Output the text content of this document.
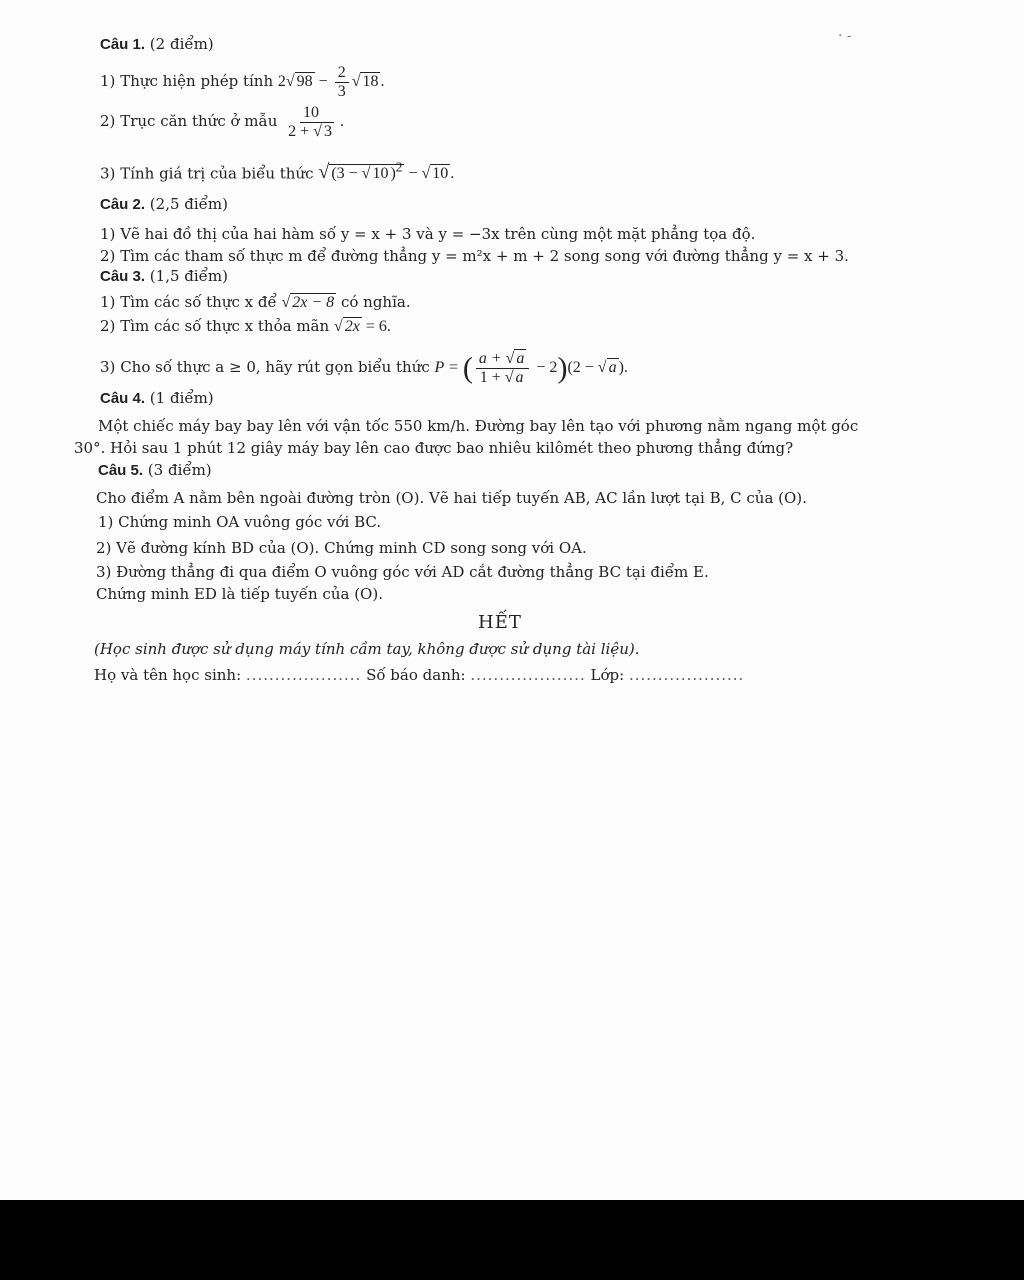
· -
Câu 1. (2 điểm)
1) Thực hiện phép tính 2√ $98 - \frac{2}{3}$ √ 18 .
2) Trục căn thức ở mẫu $\frac{10}{2 + √ 3}$ .
3) Tính giá trị của biểu thức √ (3 − √ 10 )$^2$ − √ 10 .
Câu 2. (2,5 điểm)
1) Vẽ hai đồ thị của hai hàm số y = x + 3 và y = −3x trên cùng một mặt phẳng tọa độ.
2) Tìm các tham số thực m để đường thẳng y = m²x + m + 2 song song với đường thẳng y = x + 3.
Câu 3. (1,5 điểm)
1) Tìm các số thực x để √ 2x − 8 có nghĩa.
2) Tìm các số thực x thỏa mãn √ 2x = 6.
3) Cho số thực a ≥ 0, hãy rút gọn biểu thức P = ( $\frac{a + √ a}{1 + √ a} - 2)(2$ − √ a ).
Câu 4. (1 điểm)
Một chiếc máy bay bay lên với vận tốc 550 km/h. Đường bay lên tạo với phương nằm ngang một góc
30°. Hỏi sau 1 phút 12 giây máy bay lên cao được bao nhiêu kilômét theo phương thẳng đứng?
Câu 5. (3 điểm)
Cho điểm A nằm bên ngoài đường tròn (O). Vẽ hai tiếp tuyến AB, AC lần lượt tại B, C của (O).
1) Chứng minh OA vuông góc với BC.
2) Vẽ đường kính BD của (O). Chứng minh CD song song với OA.
3) Đường thẳng đi qua điểm O vuông góc với AD cắt đường thẳng BC tại điểm E.
Chứng minh ED là tiếp tuyến của (O).
HẾT
(Học sinh được sử dụng máy tính cầm tay, không được sử dụng tài liệu).
Họ và tên học sinh: .................... Số báo danh: .................... Lớp: ....................
